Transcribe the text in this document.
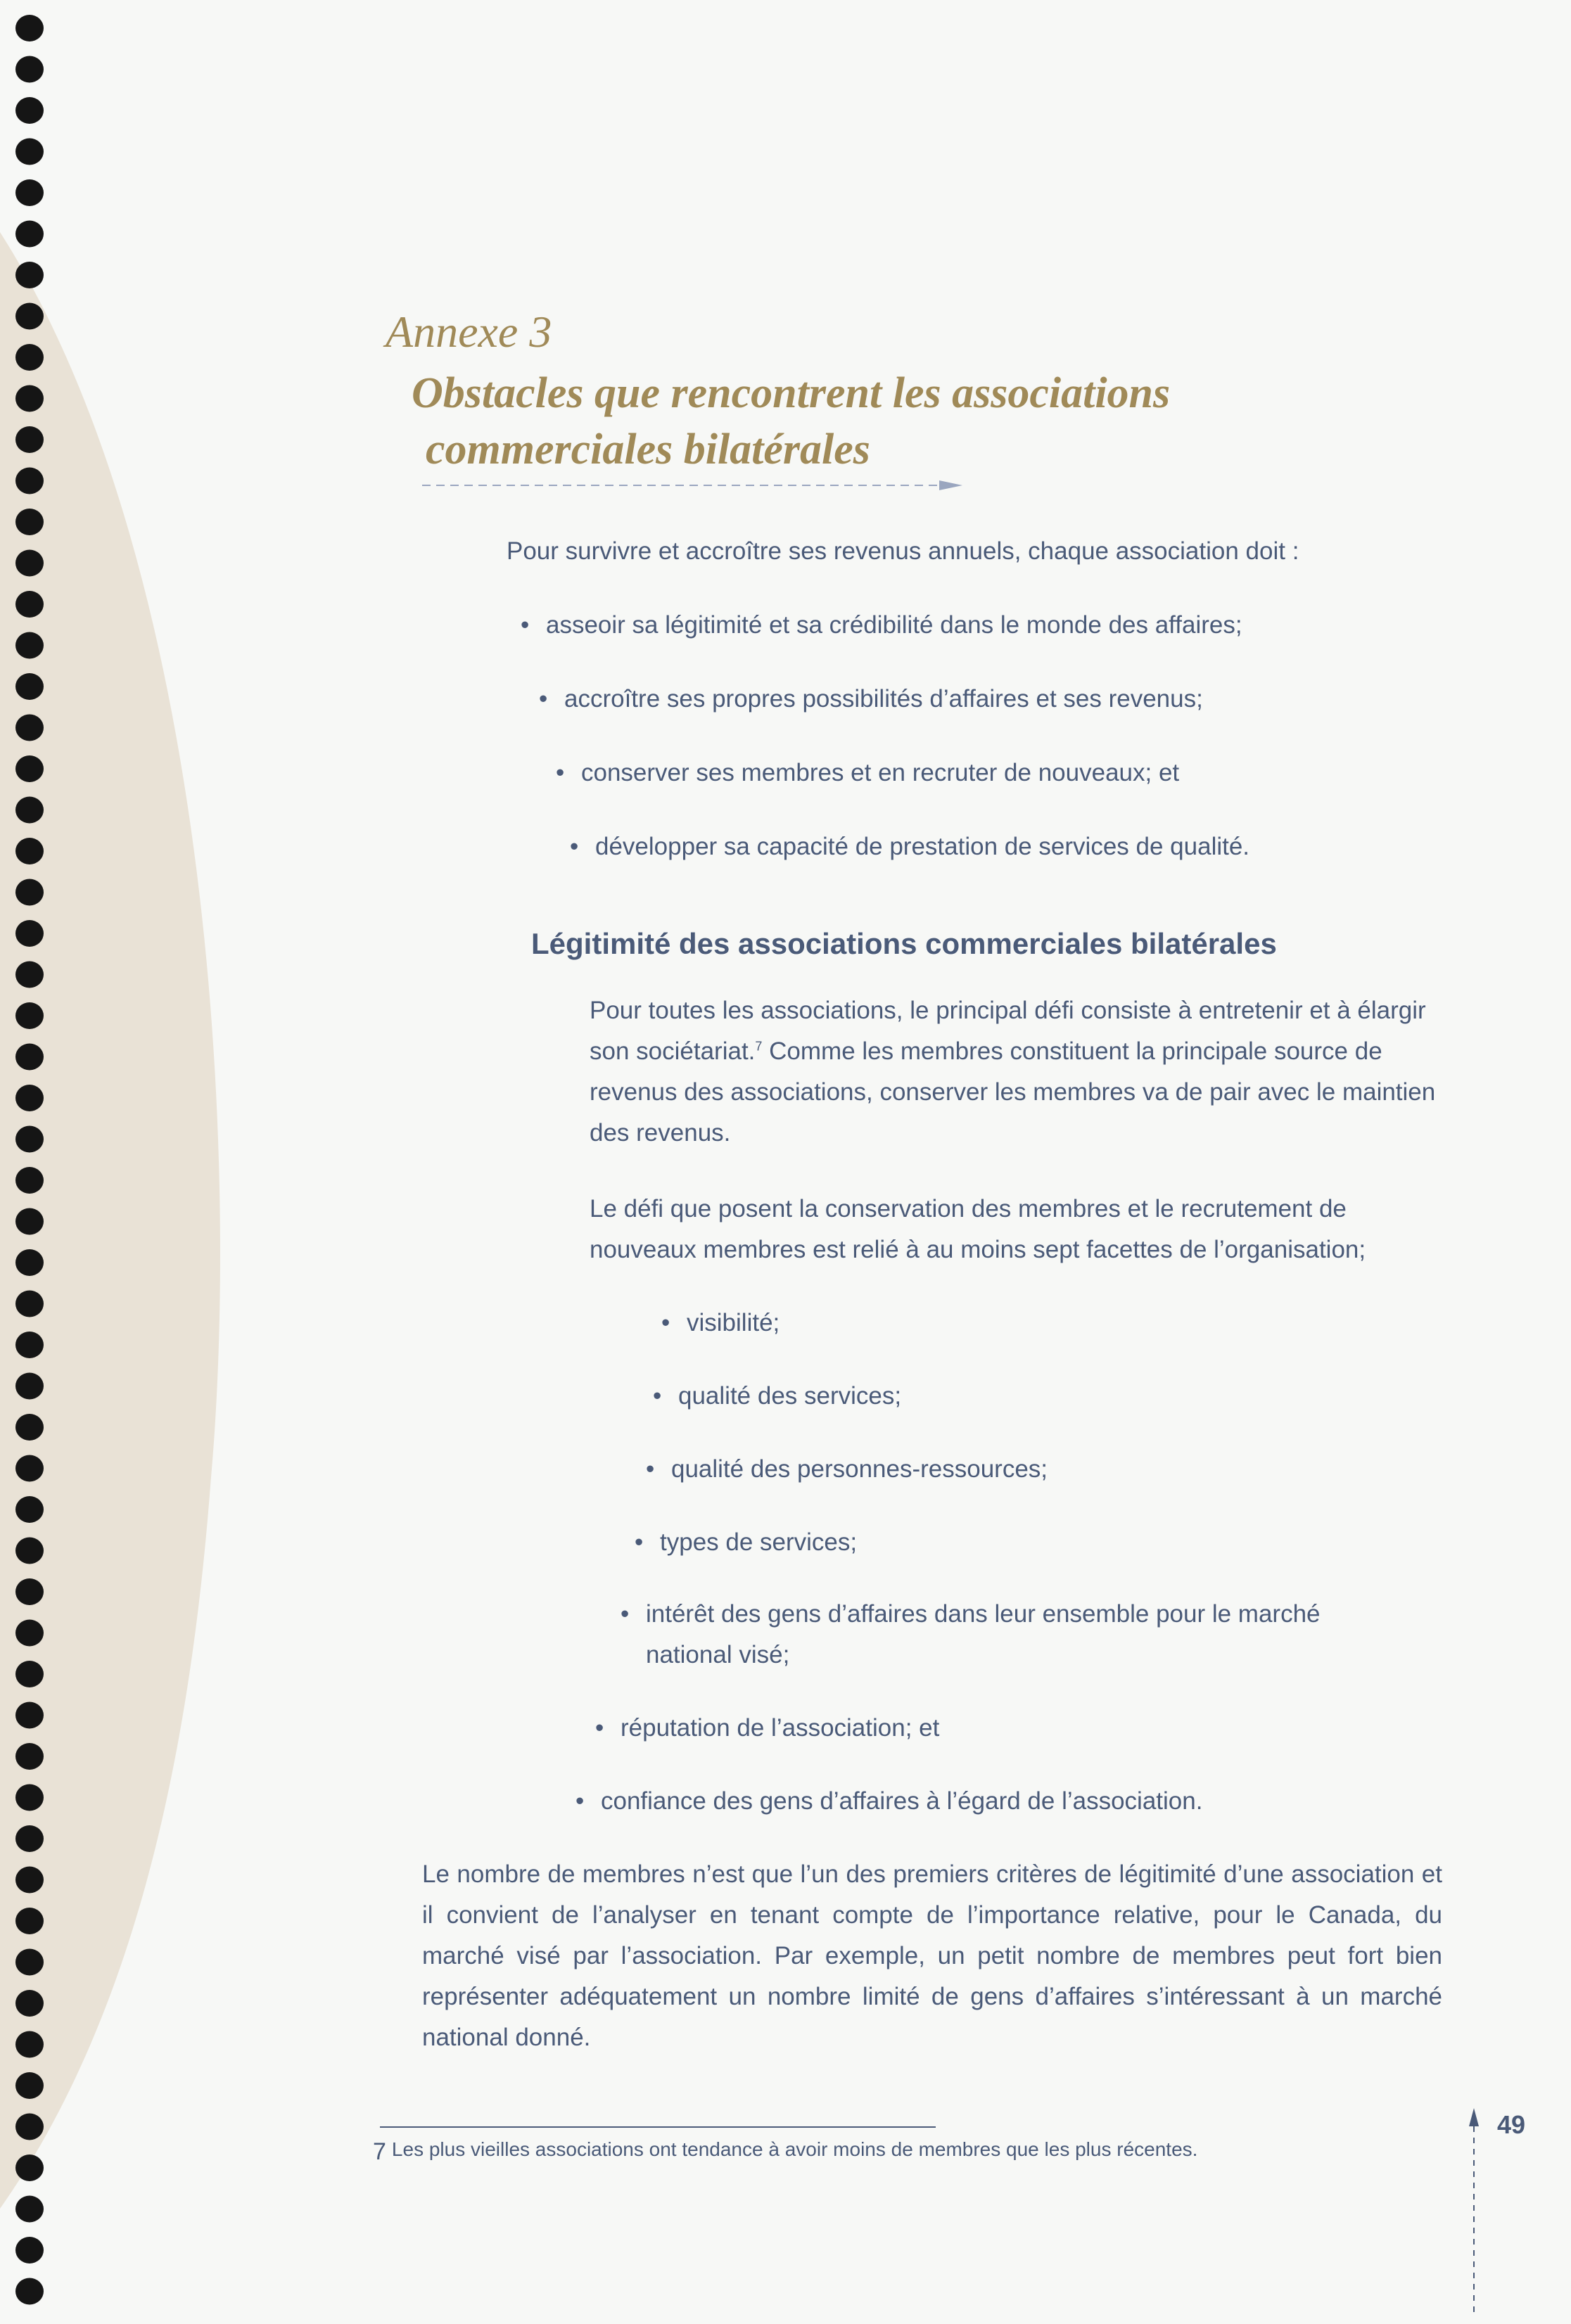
Annexe 3
Obstacles que rencontrent les associations
commerciales bilatérales

Pour survivre et accroître ses revenus annuels, chaque association doit :

• asseoir sa légitimité et sa crédibilité dans le monde des affaires;

• accroître ses propres possibilités d’affaires et ses revenus;

• conserver ses membres et en recruter de nouveaux; et

• développer sa capacité de prestation de services de qualité.

Légitimité des associations commerciales bilatérales

Pour toutes les associations, le principal défi consiste à entretenir et à élargir son sociétariat.$^7$ Comme les membres constituent la principale source de revenus des associations, conserver les membres va de pair avec le maintien des revenus.

Le défi que posent la conservation des membres et le recrutement de nouveaux membres est relié à au moins sept facettes de l’organisation;

• visibilité;

• qualité des services;

• qualité des personnes-ressources;

• types de services;

• intérêt des gens d’affaires dans leur ensemble pour le marché

national visé;

• réputation de l’association; et

• confiance des gens d’affaires à l’égard de l’association.

Le nombre de membres n’est que l’un des premiers critères de légitimité d’une association et il convient de l’analyser en tenant compte de l’importance relative, pour le Canada, du marché visé par l’association. Par exemple, un petit nombre de membres peut fort bien représenter adéquatement un nombre limité de gens d’affaires s’intéressant à un marché national donné.

7 Les plus vieilles associations ont tendance à avoir moins de membres que les plus récentes.

49
